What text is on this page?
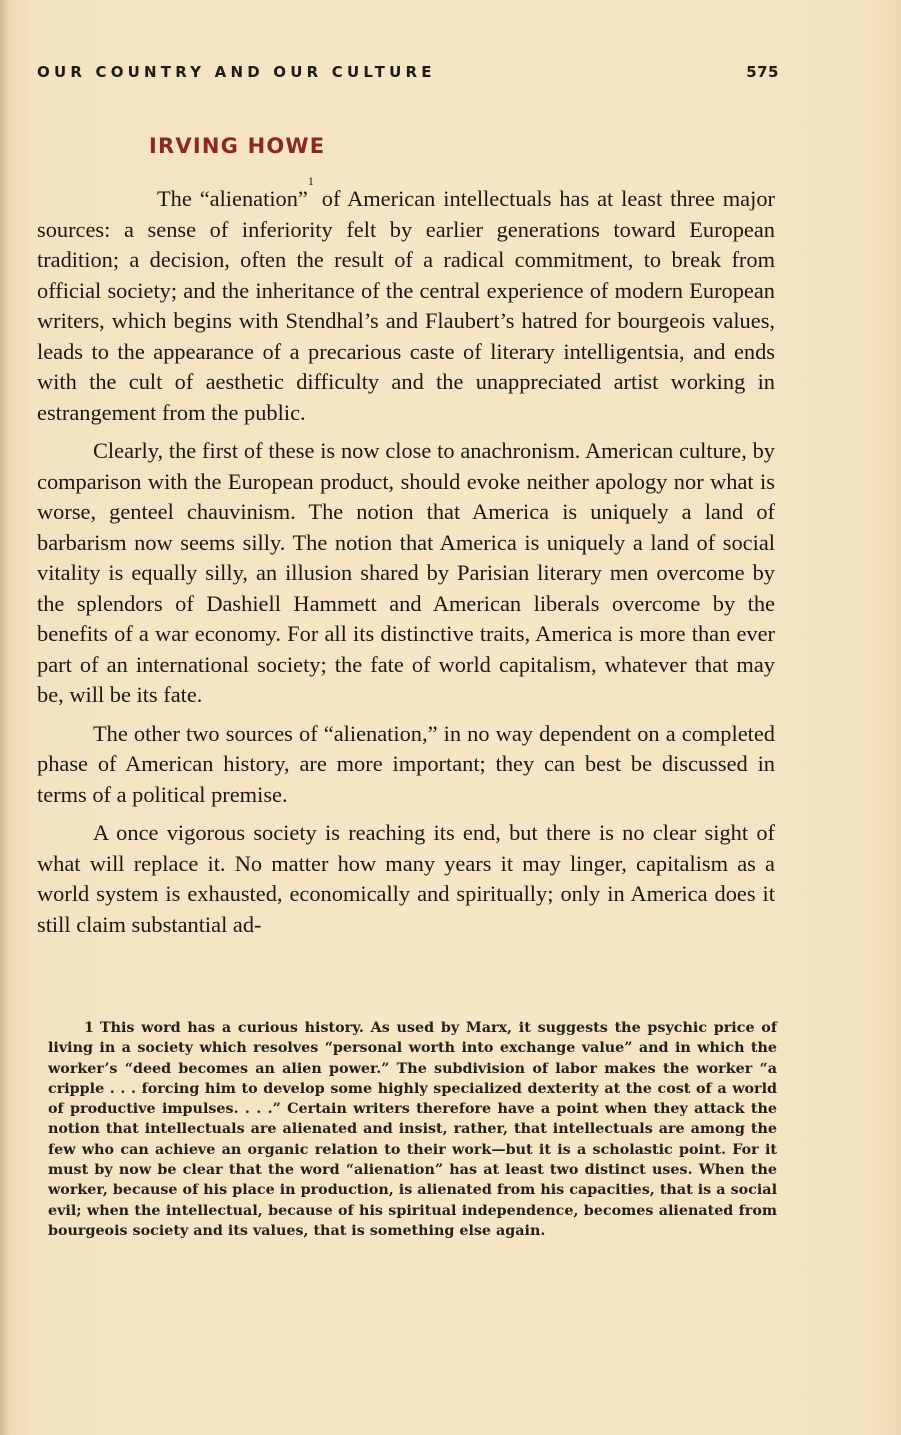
OUR COUNTRY AND OUR CULTURE	575
IRVING HOWE

The “alienation”$^1$ of American intellectuals has at least three major sources: a sense of inferiority felt by earlier generations toward European tradition; a decision, often the result of a radical commitment, to break from official society; and the inheritance of the central experience of modern European writers, which begins with Stendhal’s and Flaubert’s hatred for bourgeois values, leads to the appearance of a precarious caste of literary intelligentsia, and ends with the cult of aesthetic difficulty and the unappreciated artist working in estrangement from the public.

Clearly, the first of these is now close to anachronism. American culture, by comparison with the European product, should evoke neither apology nor what is worse, genteel chauvinism. The notion that America is uniquely a land of barbarism now seems silly. The notion that America is uniquely a land of social vitality is equally silly, an illusion shared by Parisian literary men overcome by the splendors of Dashiell Hammett and American liberals overcome by the benefits of a war economy. For all its distinctive traits, America is more than ever part of an international society; the fate of world capitalism, whatever that may be, will be its fate.

The other two sources of “alienation,” in no way dependent on a completed phase of American history, are more important; they can best be discussed in terms of a political premise.

A once vigorous society is reaching its end, but there is no clear sight of what will replace it. No matter how many years it may linger, capitalism as a world system is exhausted, economically and spiritually; only in America does it still claim substantial ad-

1 This word has a curious history. As used by Marx, it suggests the psychic price of living in a society which resolves “personal worth into exchange value” and in which the worker’s “deed becomes an alien power.” The subdivision of labor makes the worker “a cripple . . . forcing him to develop some highly specialized dexterity at the cost of a world of productive impulses. . . .” Certain writers therefore have a point when they attack the notion that intellectuals are alienated and insist, rather, that intellectuals are among the few who can achieve an organic relation to their work—but it is a scholastic point. For it must by now be clear that the word “alienation” has at least two distinct uses. When the worker, because of his place in production, is alienated from his capacities, that is a social evil; when the intellectual, because of his spiritual independence, becomes alienated from bourgeois society and its values, that is something else again.
